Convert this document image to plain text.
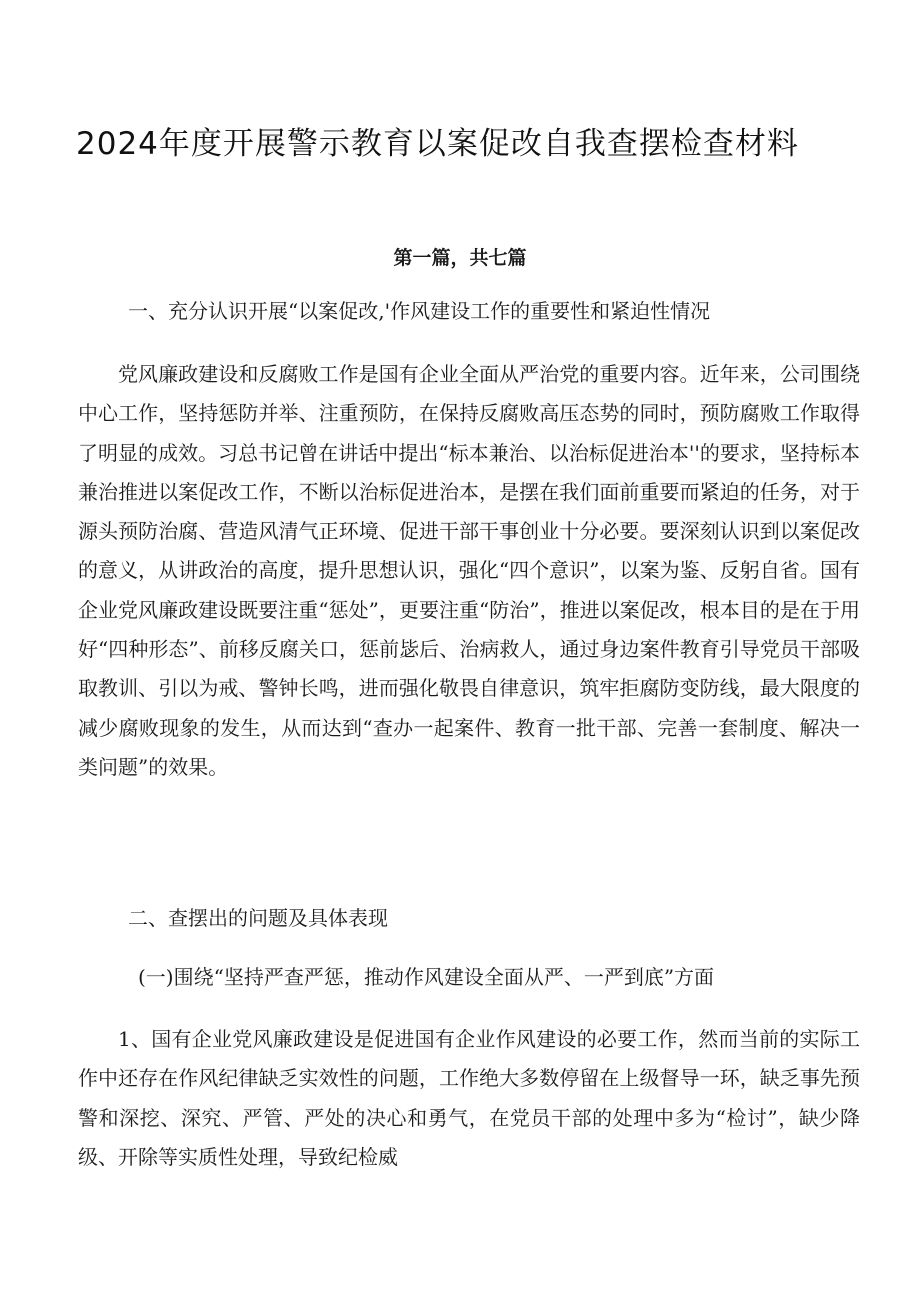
2024年度开展警示教育以案促改自我查摆检查材料
第一篇，共七篇
一、充分认识开展“以案促改,'作风建设工作的重要性和紧迫性情况

党风廉政建设和反腐败工作是国有企业全面从严治党的重要内容。近年来，公司围绕中心工作，坚持惩防并举、注重预防，在保持反腐败高压态势的同时，预防腐败工作取得了明显的成效。习总书记曾在讲话中提出“标本兼治、以治标促进治本''的要求，坚持标本兼治推进以案促改工作，不断以治标促进治本，是摆在我们面前重要而紧迫的任务，对于源头预防治腐、营造风清气正环境、促进干部干事创业十分必要。要深刻认识到以案促改的意义，从讲政治的高度，提升思想认识，强化“四个意识”，以案为鉴、反躬自省。国有企业党风廉政建设既要注重“惩处”，更要注重“防治”，推进以案促改，根本目的是在于用好“四种形态”、前移反腐关口，惩前毖后、治病救人，通过身边案件教育引导党员干部吸取教训、引以为戒、警钟长鸣，进而强化敬畏自律意识，筑牢拒腐防变防线，最大限度的减少腐败现象的发生，从而达到“查办一起案件、教育一批干部、完善一套制度、解决一类问题”的效果。

二、查摆出的问题及具体表现
(一)围绕“坚持严查严惩，推动作风建设全面从严、一严到底”方面

1、国有企业党风廉政建设是促进国有企业作风建设的必要工作，然而当前的实际工作中还存在作风纪律缺乏实效性的问题，工作绝大多数停留在上级督导一环，缺乏事先预警和深挖、深究、严管、严处的决心和勇气，在党员干部的处理中多为“检讨”，缺少降级、开除等实质性处理，导致纪检威
